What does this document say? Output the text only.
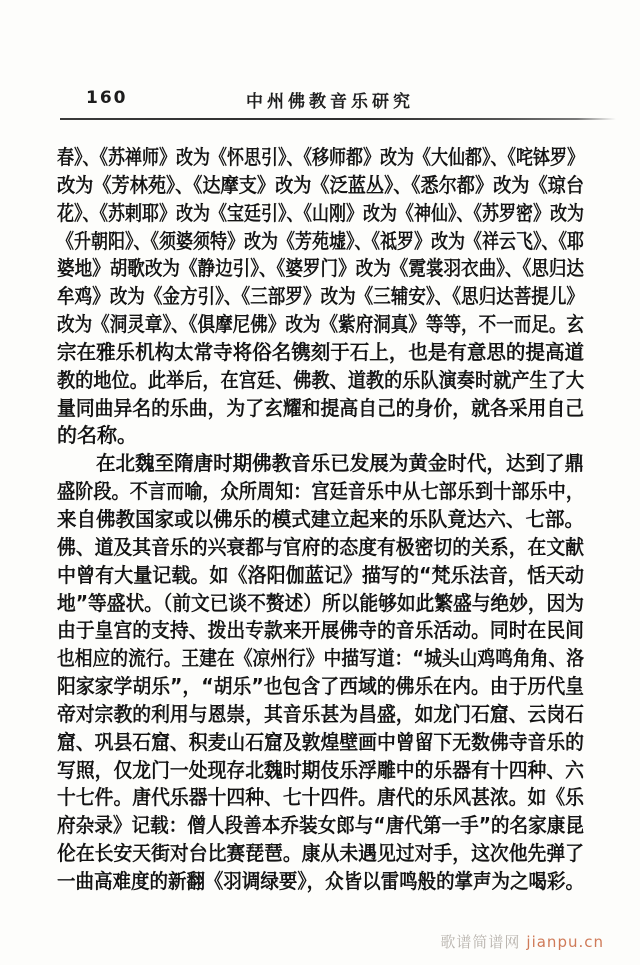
160	中州佛教音乐研究
春》、《苏禅师》改为《怀思引》、《移师都》改为《大仙都》、《咤钵罗》
改为《芳林苑》、《达摩支》改为《泛蓝丛》、《悉尔都》改为《琼台
花》、《苏剌耶》改为《宝廷引》、《山刚》改为《神仙》、《苏罗密》改为
《升朝阳》、《须婆须特》改为《芳苑墟》、《祗罗》改为《祥云飞》、《耶
婆地》胡歌改为《静边引》、《婆罗门》改为《霓裳羽衣曲》、《思归达
牟鸡》改为《金方引》、《三部罗》改为《三辅安》、《思归达菩提儿》
改为《洞灵章》、《俱摩尼佛》改为《紫府洞真》等等，不一而足。玄
宗在雅乐机构太常寺将俗名镌刻于石上，也是有意思的提高道
教的地位。此举后，在宫廷、佛教、道教的乐队演奏时就产生了大
量同曲异名的乐曲，为了玄耀和提高自己的身价，就各采用自己
的名称。
　　在北魏至隋唐时期佛教音乐已发展为黄金时代，达到了鼎
盛阶段。不言而喻，众所周知：宫廷音乐中从七部乐到十部乐中，
来自佛教国家或以佛乐的模式建立起来的乐队竟达六、七部。
佛、道及其音乐的兴衰都与官府的态度有极密切的关系，在文献
中曾有大量记载。如《洛阳伽蓝记》描写的“梵乐法音，恬天动
地”等盛状。（前文已谈不赘述）所以能够如此繁盛与绝妙，因为
由于皇宫的支持、拨出专款来开展佛寺的音乐活动。同时在民间
也相应的流行。王建在《凉州行》中描写道：“城头山鸡鸣角角、洛
阳家家学胡乐”，“胡乐”也包含了西域的佛乐在内。由于历代皇
帝对宗教的利用与恩崇，其音乐甚为昌盛，如龙门石窟、云岗石
窟、巩县石窟、积麦山石窟及敦煌壁画中曾留下无数佛寺音乐的
写照，仅龙门一处现存北魏时期伎乐浮雕中的乐器有十四种、六
十七件。唐代乐器十四种、七十四件。唐代的乐风甚浓。如《乐
府杂录》记载：僧人段善本乔装女郎与“唐代第一手”的名家康昆
伦在长安天街对台比赛琵琶。康从未遇见过对手，这次他先弹了
一曲高难度的新翻《羽调绿要》，众皆以雷鸣般的掌声为之喝彩。
歌谱简谱网 jianpu.cn
